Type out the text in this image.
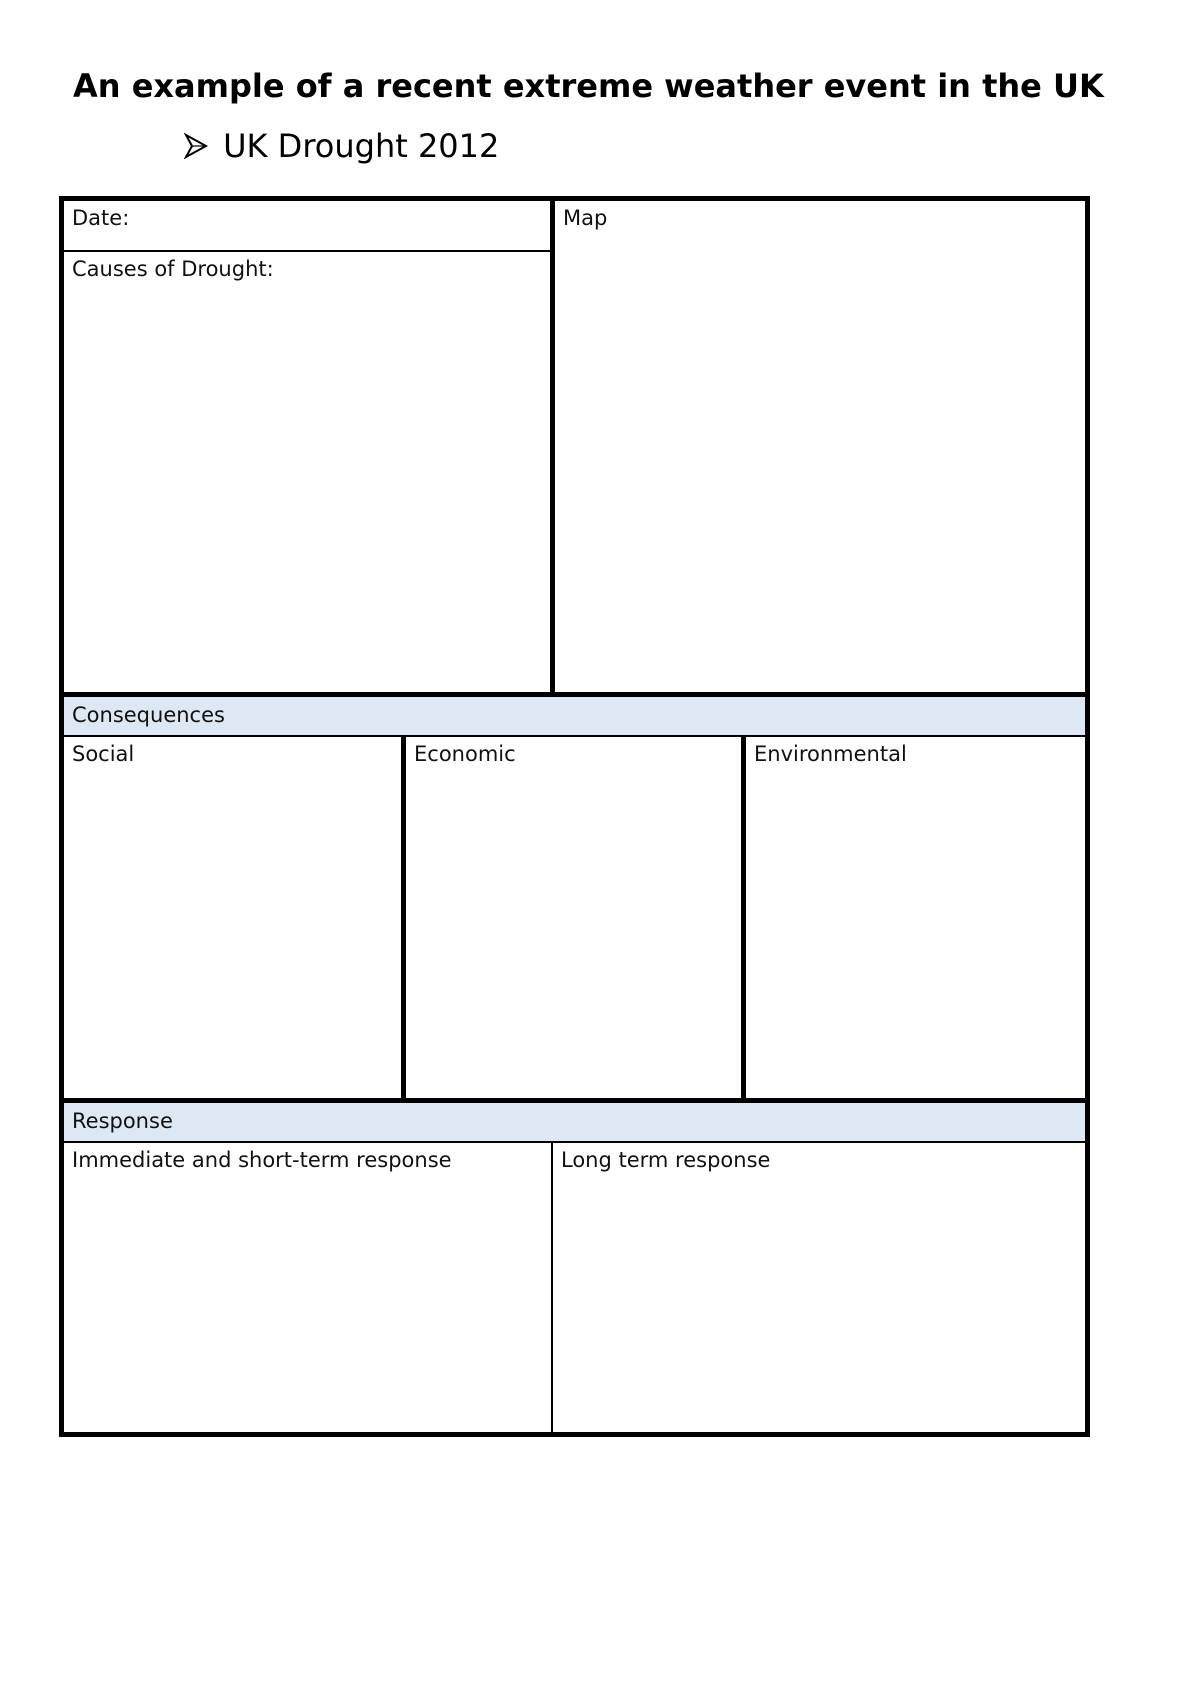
An example of a recent extreme weather event in the UK
UK Drought 2012
Date:
Causes of Drought:
Map
Consequences
Social	Economic	Environmental
Response
Immediate and short-term response	Long term response
